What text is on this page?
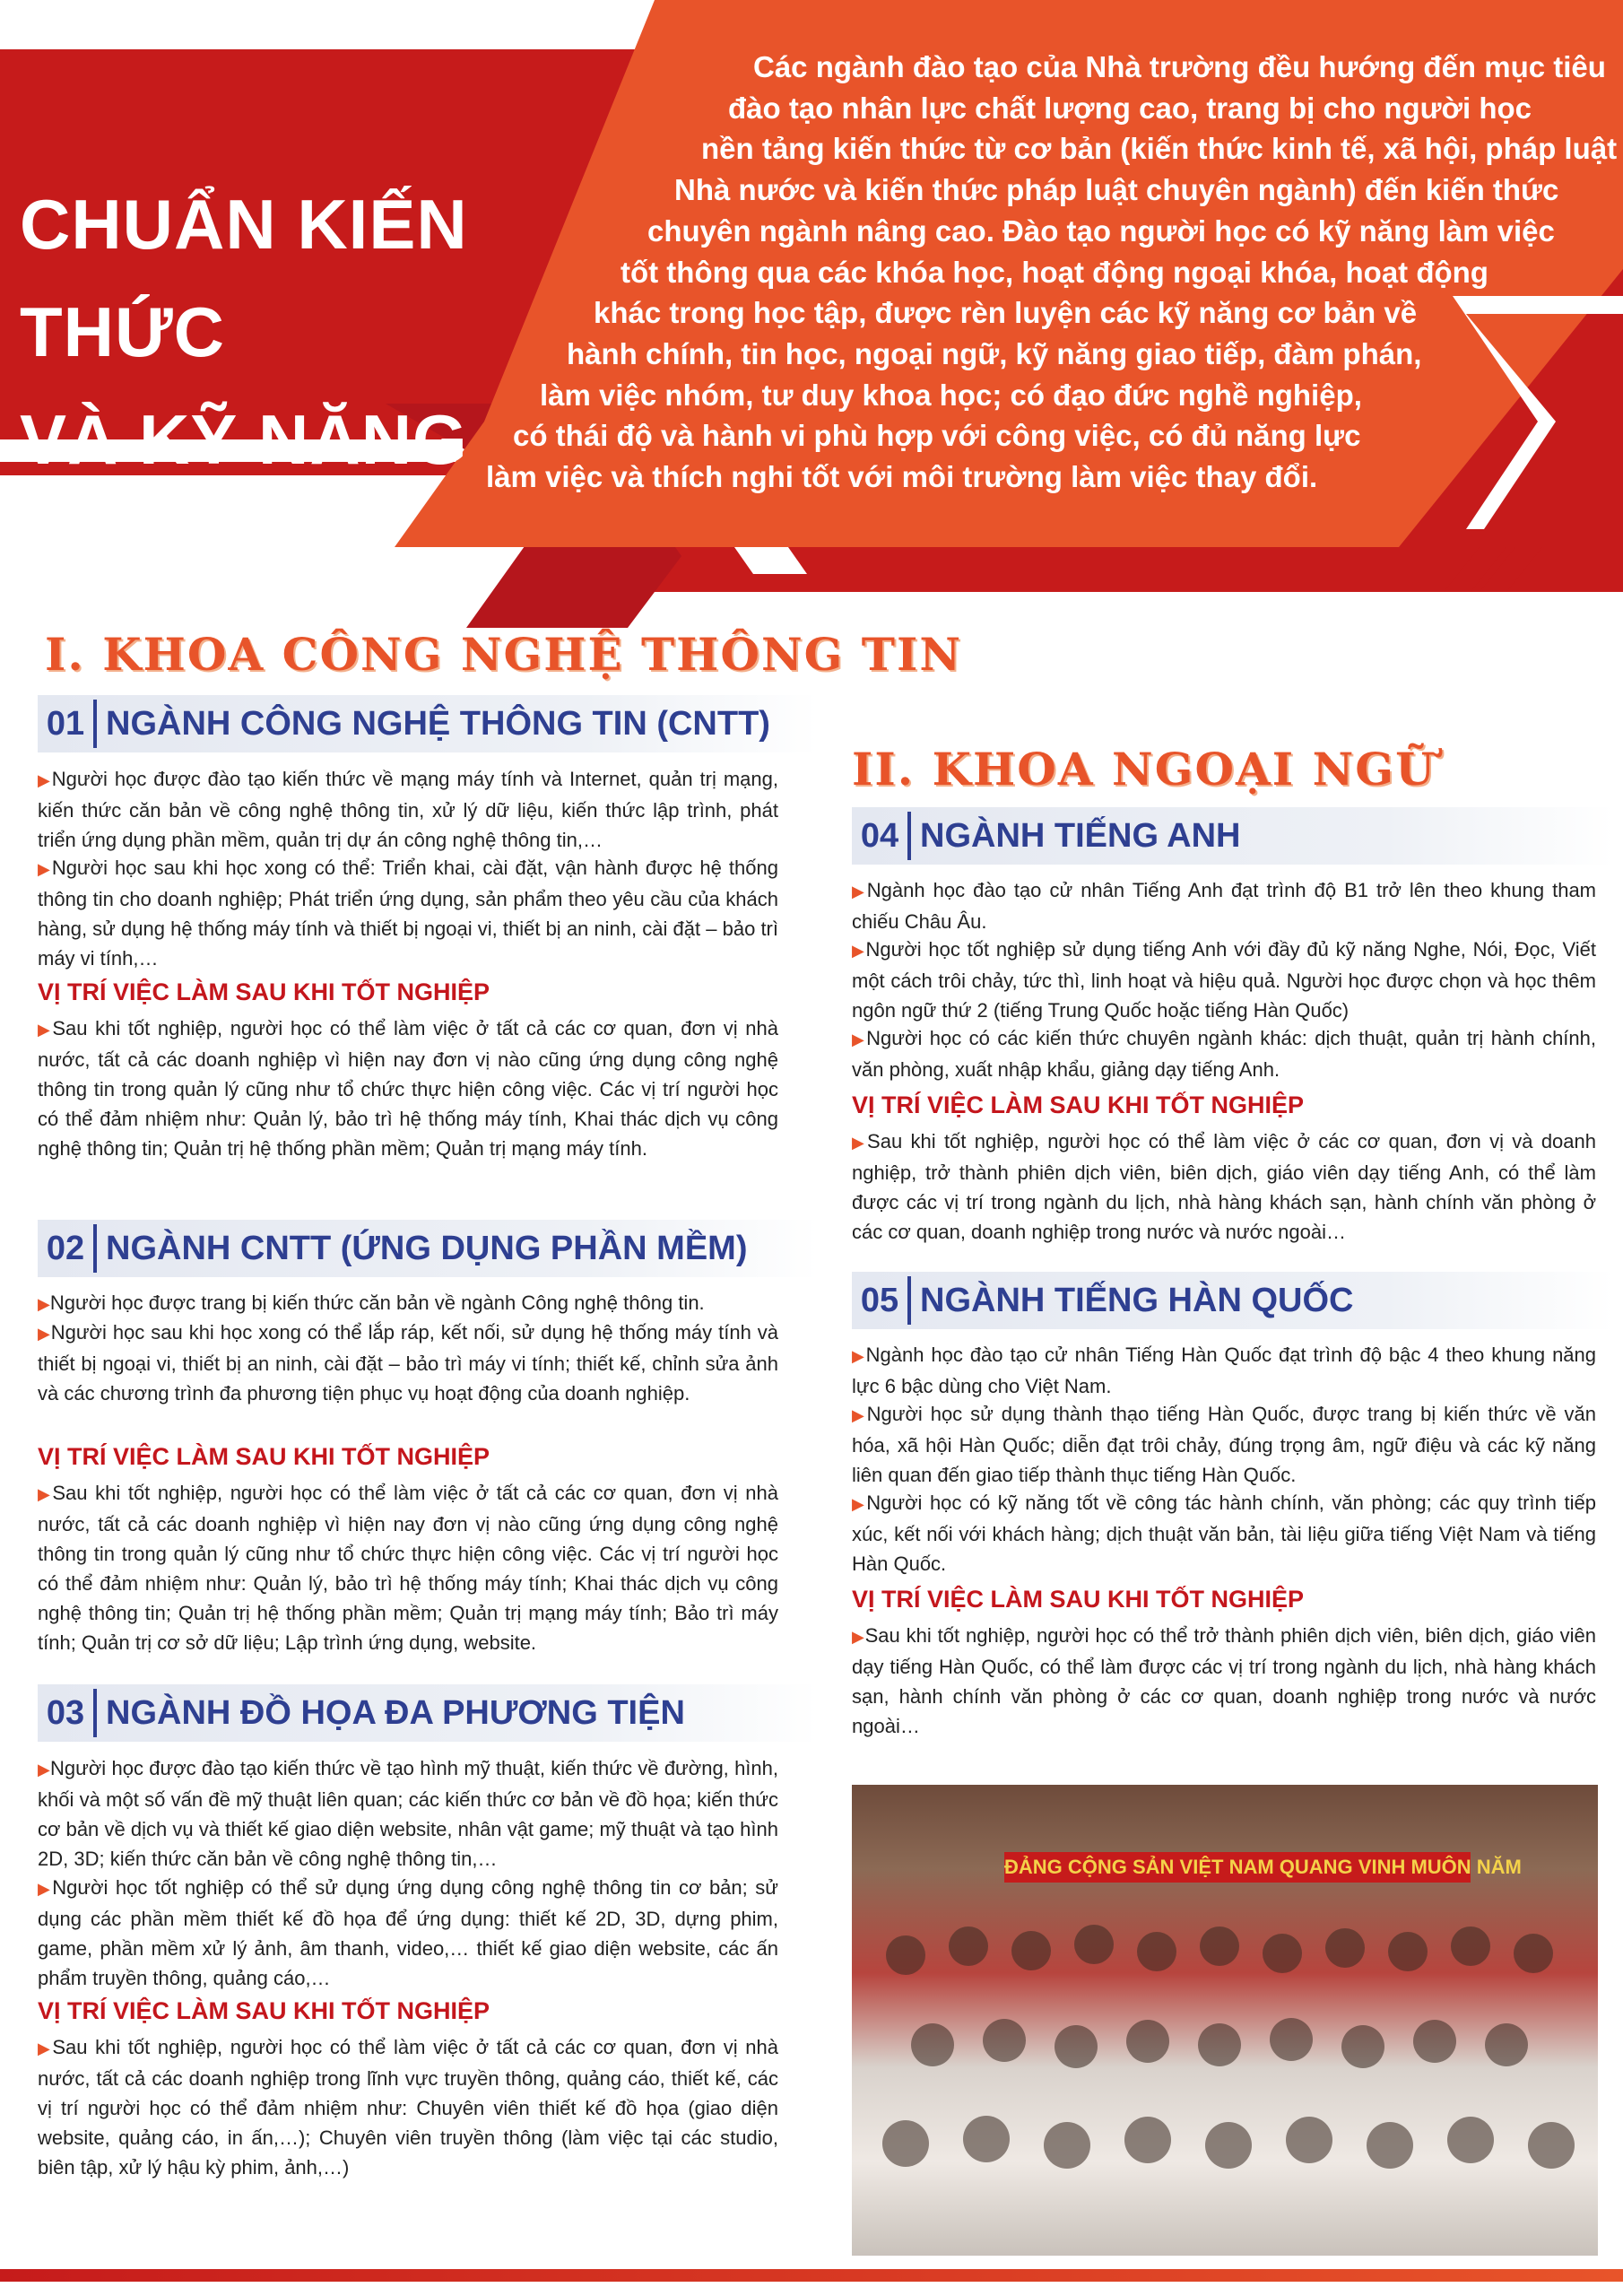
CHUẨN KIẾN THỨC
VÀ KỸ NĂNG
Các ngành đào tạo của Nhà trường đều hướng đến mục tiêu
đào tạo nhân lực chất lượng cao, trang bị cho người học
nền tảng kiến thức từ cơ bản (kiến thức kinh tế, xã hội, pháp luật
Nhà nước và kiến thức pháp luật chuyên ngành) đến kiến thức
chuyên ngành nâng cao. Đào tạo người học có kỹ năng làm việc
tốt thông qua các khóa học, hoạt động ngoại khóa, hoạt động
khác trong học tập, được rèn luyện các kỹ năng cơ bản về
hành chính, tin học, ngoại ngữ, kỹ năng giao tiếp, đàm phán,
làm việc nhóm, tư duy khoa học; có đạo đức nghề nghiệp,
có thái độ và hành vi phù hợp với công việc, có đủ năng lực
làm việc và thích nghi tốt với môi trường làm việc thay đổi.
I. KHOA CÔNG NGHỆ THÔNG TIN
01 NGÀNH CÔNG NGHỆ THÔNG TIN (CNTT)
▶Người học được đào tạo kiến thức về mạng máy tính và Internet, quản trị mạng, kiến thức căn bản về công nghệ thông tin, xử lý dữ liệu, kiến thức lập trình, phát triển ứng dụng phần mềm, quản trị dự án công nghệ thông tin,…
▶Người học sau khi học xong có thể: Triển khai, cài đặt, vận hành được hệ thống thông tin cho doanh nghiệp; Phát triển ứng dụng, sản phẩm theo yêu cầu của khách hàng, sử dụng hệ thống máy tính và thiết bị ngoại vi, thiết bị an ninh, cài đặt – bảo trì máy vi tính,…
VỊ TRÍ VIỆC LÀM SAU KHI TỐT NGHIỆP
▶Sau khi tốt nghiệp, người học có thể làm việc ở tất cả các cơ quan, đơn vị nhà nước, tất cả các doanh nghiệp vì hiện nay đơn vị nào cũng ứng dụng công nghệ thông tin trong quản lý cũng như tổ chức thực hiện công việc. Các vị trí người học có thể đảm nhiệm như: Quản lý, bảo trì hệ thống máy tính, Khai thác dịch vụ công nghệ thông tin; Quản trị hệ thống phần mềm; Quản trị mạng máy tính.
02 NGÀNH CNTT (ỨNG DỤNG PHẦN MỀM)
▶Người học được trang bị kiến thức căn bản về ngành Công nghệ thông tin.
▶Người học sau khi học xong có thể lắp ráp, kết nối, sử dụng hệ thống máy tính và thiết bị ngoại vi, thiết bị an ninh, cài đặt – bảo trì máy vi tính; thiết kế, chỉnh sửa ảnh và các chương trình đa phương tiện phục vụ hoạt động của doanh nghiệp.
VỊ TRÍ VIỆC LÀM SAU KHI TỐT NGHIỆP
▶Sau khi tốt nghiệp, người học có thể làm việc ở tất cả các cơ quan, đơn vị nhà nước, tất cả các doanh nghiệp vì hiện nay đơn vị nào cũng ứng dụng công nghệ thông tin trong quản lý cũng như tổ chức thực hiện công việc. Các vị trí người học có thể đảm nhiệm như: Quản lý, bảo trì hệ thống máy tính; Khai thác dịch vụ công nghệ thông tin; Quản trị hệ thống phần mềm; Quản trị mạng máy tính; Bảo trì máy tính; Quản trị cơ sở dữ liệu; Lập trình ứng dụng, website.
03 NGÀNH ĐỒ HỌA ĐA PHƯƠNG TIỆN
▶Người học được đào tạo kiến thức về tạo hình mỹ thuật, kiến thức về đường, hình, khối và một số vấn đề mỹ thuật liên quan; các kiến thức cơ bản về đồ họa; kiến thức cơ bản về dịch vụ và thiết kế giao diện website, nhân vật game; mỹ thuật và tạo hình 2D, 3D; kiến thức căn bản về công nghệ thông tin,…
▶Người học tốt nghiệp có thể sử dụng ứng dụng công nghệ thông tin cơ bản; sử dụng các phần mềm thiết kế đồ họa để ứng dụng: thiết kế 2D, 3D, dựng phim, game, phần mềm xử lý ảnh, âm thanh, video,… thiết kế giao diện website, các ấn phẩm truyền thông, quảng cáo,…
VỊ TRÍ VIỆC LÀM SAU KHI TỐT NGHIỆP
▶Sau khi tốt nghiệp, người học có thể làm việc ở tất cả các cơ quan, đơn vị nhà nước, tất cả các doanh nghiệp trong lĩnh vực truyền thông, quảng cáo, thiết kế, các vị trí người học có thể đảm nhiệm như: Chuyên viên thiết kế đồ họa (giao diện website, quảng cáo, in ấn,…); Chuyên viên truyền thông (làm việc tại các studio, biên tập, xử lý hậu kỳ phim, ảnh,…)
II. KHOA NGOẠI NGỮ
04 NGÀNH TIẾNG ANH
▶Ngành học đào tạo cử nhân Tiếng Anh đạt trình độ B1 trở lên theo khung tham chiếu Châu Âu.
▶Người học tốt nghiệp sử dụng tiếng Anh với đầy đủ kỹ năng Nghe, Nói, Đọc, Viết một cách trôi chảy, tức thì, linh hoạt và hiệu quả. Người học được chọn và học thêm ngôn ngữ thứ 2 (tiếng Trung Quốc hoặc tiếng Hàn Quốc)
▶Người học có các kiến thức chuyên ngành khác: dịch thuật, quản trị hành chính, văn phòng, xuất nhập khẩu, giảng dạy tiếng Anh.
VỊ TRÍ VIỆC LÀM SAU KHI TỐT NGHIỆP
▶Sau khi tốt nghiệp, người học có thể làm việc ở các cơ quan, đơn vị và doanh nghiệp, trở thành phiên dịch viên, biên dịch, giáo viên dạy tiếng Anh, có thể làm được các vị trí trong ngành du lịch, nhà hàng khách sạn, hành chính văn phòng ở các cơ quan, doanh nghiệp trong nước và nước ngoài…
05 NGÀNH TIẾNG HÀN QUỐC
▶Ngành học đào tạo cử nhân Tiếng Hàn Quốc đạt trình độ bậc 4 theo khung năng lực 6 bậc dùng cho Việt Nam.
▶Người học sử dụng thành thạo tiếng Hàn Quốc, được trang bị kiến thức về văn hóa, xã hội Hàn Quốc; diễn đạt trôi chảy, đúng trọng âm, ngữ điệu và các kỹ năng liên quan đến giao tiếp thành thục tiếng Hàn Quốc.
▶Người học có kỹ năng tốt về công tác hành chính, văn phòng; các quy trình tiếp xúc, kết nối với khách hàng; dịch thuật văn bản, tài liệu giữa tiếng Việt Nam và tiếng Hàn Quốc.
VỊ TRÍ VIỆC LÀM SAU KHI TỐT NGHIỆP
▶Sau khi tốt nghiệp, người học có thể trở thành phiên dịch viên, biên dịch, giáo viên dạy tiếng Hàn Quốc, có thể làm được các vị trí trong ngành du lịch, nhà hàng khách sạn, hành chính văn phòng ở các cơ quan, doanh nghiệp trong nước và nước ngoài…
ĐẢNG CỘNG SẢN VIỆT NAM QUANG VINH MUÔN NĂM
